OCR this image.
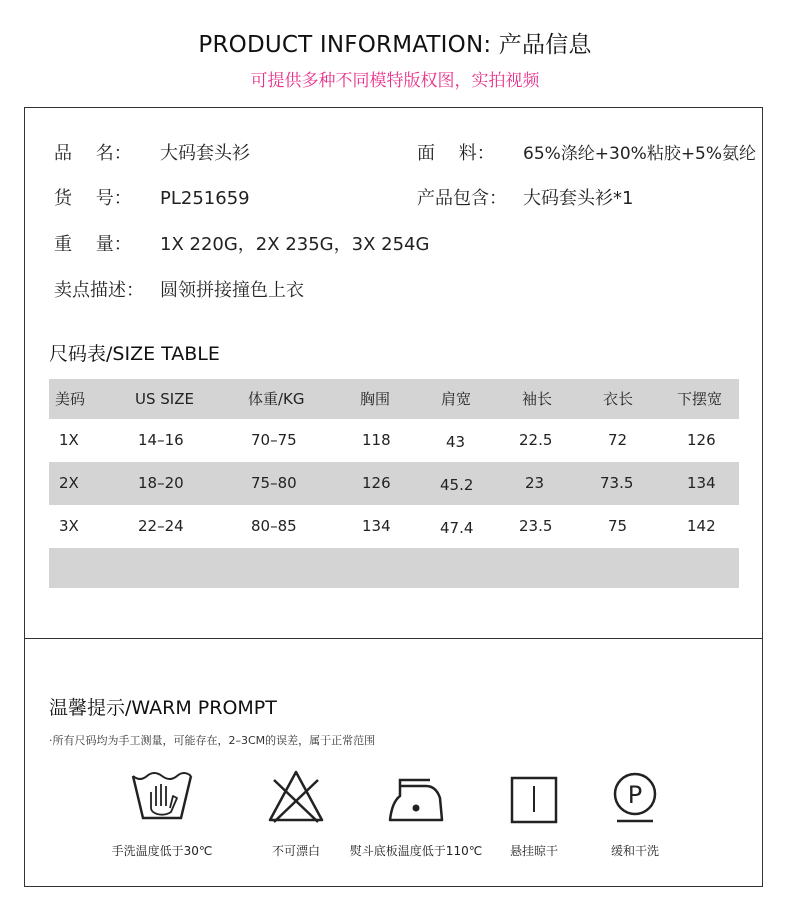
PRODUCT INFORMATION: 产品信息
可提供多种不同模特版权图，实拍视频
品　 名： 大码套头衫	面　 料： 65%涤纶+30%粘胶+5%氨纶
货　 号： PL251659	产品包含： 大码套头衫*1
重　 量： 1X 220G，2X 235G，3X 254G
卖点描述： 圆领拼接撞色上衣
尺码表/SIZE TABLE
美码	US SIZE	体重/KG	胸围	肩宽	袖长	衣长	下摆宽
1X	14–16	70–75	118	43	22.5	72	126
2X	18–20	75–80	126	45.2	23	73.5	134
3X	22–24	80–85	134	47.4	23.5	75	142
温馨提示/WARM PROMPT
·所有尺码均为手工测量，可能存在，2–3CM的误差，属于正常范围
手洗温度低于30℃	不可漂白 熨斗底板温度低于110℃ 悬挂晾干
P
缓和干洗
